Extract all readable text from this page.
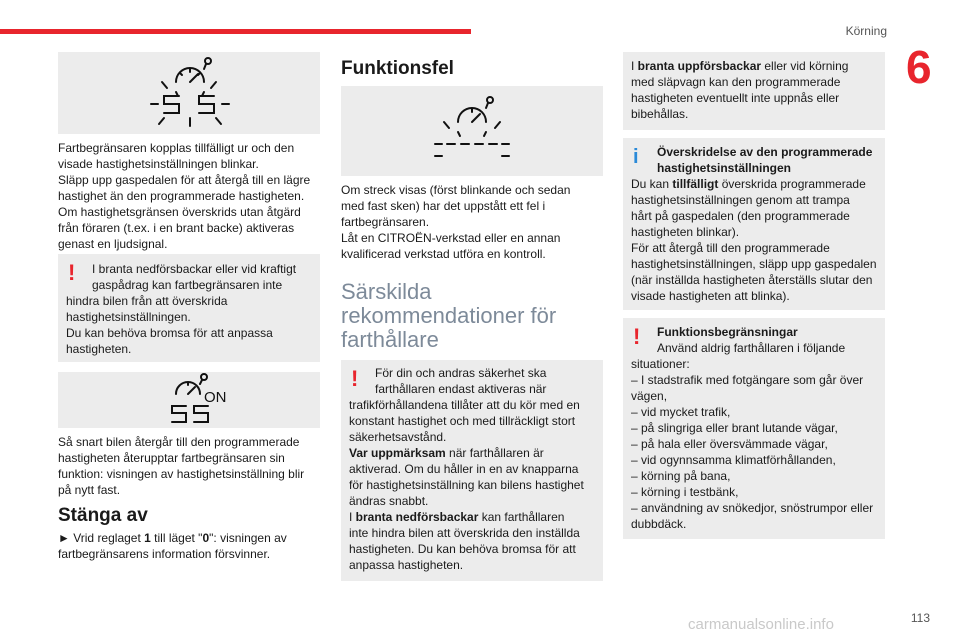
Körning
6
Fartbegränsaren kopplas tillfälligt ur och den
visade hastighetsinställningen blinkar.
Släpp upp gaspedalen för att återgå till en lägre
hastighet än den programmerade hastigheten.
Om hastighetsgränsen överskrids utan åtgärd
från föraren (t.ex. i en brant backe) aktiveras
genast en ljudsignal.
!	I branta nedförsbackar eller vid kraftigt
gaspådrag kan fartbegränsaren inte
hindra bilen från att överskrida
hastighetsinställningen.
Du kan behöva bromsa för att anpassa
hastigheten.
ON
Så snart bilen återgår till den programmerade
hastigheten återupptar fartbegränsaren sin
funktion: visningen av hastighetsinställning blir
på nytt fast.
Stänga av
► Vrid reglaget 1 till läget "0": visningen av
fartbegränsarens information försvinner.
Funktionsfel
Om streck visas (först blinkande och sedan
med fast sken) har det uppstått ett fel i
fartbegränsaren.
Låt en CITROËN-verkstad eller en annan
kvalificerad verkstad utföra en kontroll.
Särskilda
rekommendationer för
farthållare
!	För din och andras säkerhet ska
farthållaren endast aktiveras när
trafikförhållandena tillåter att du kör med en
konstant hastighet och med tillräckligt stort
säkerhetsavstånd.
Var uppmärksam när farthållaren är
aktiverad. Om du håller in en av knapparna
för hastighetsinställning kan bilens hastighet
ändras snabbt.
I branta nedförsbackar kan farthållaren
inte hindra bilen att överskrida den inställda
hastigheten. Du kan behöva bromsa för att
anpassa hastigheten.
I branta uppförsbackar eller vid körning
med släpvagn kan den programmerade
hastigheten eventuellt inte uppnås eller
bibehållas.
i	Överskridelse av den programmerade
hastighetsinställningen
Du kan tillfälligt överskrida programmerade
hastighetsinställningen genom att trampa
hårt på gaspedalen (den programmerade
hastigheten blinkar).
För att återgå till den programmerade
hastighetsinställningen, släpp upp gaspedalen
(när inställda hastigheten återställs slutar den
visade hastigheten att blinka).
!	Funktionsbegränsningar
Använd aldrig farthållaren i följande
situationer:
– I stadstrafik med fotgängare som går över
vägen,
– vid mycket trafik,
– på slingriga eller brant lutande vägar,
– på hala eller översvämmade vägar,
– vid ogynnsamma klimatförhållanden,
– körning på bana,
– körning i testbänk,
– användning av snökedjor, snöstrumpor eller
dubbdäck.
113
carmanualsonline.info
